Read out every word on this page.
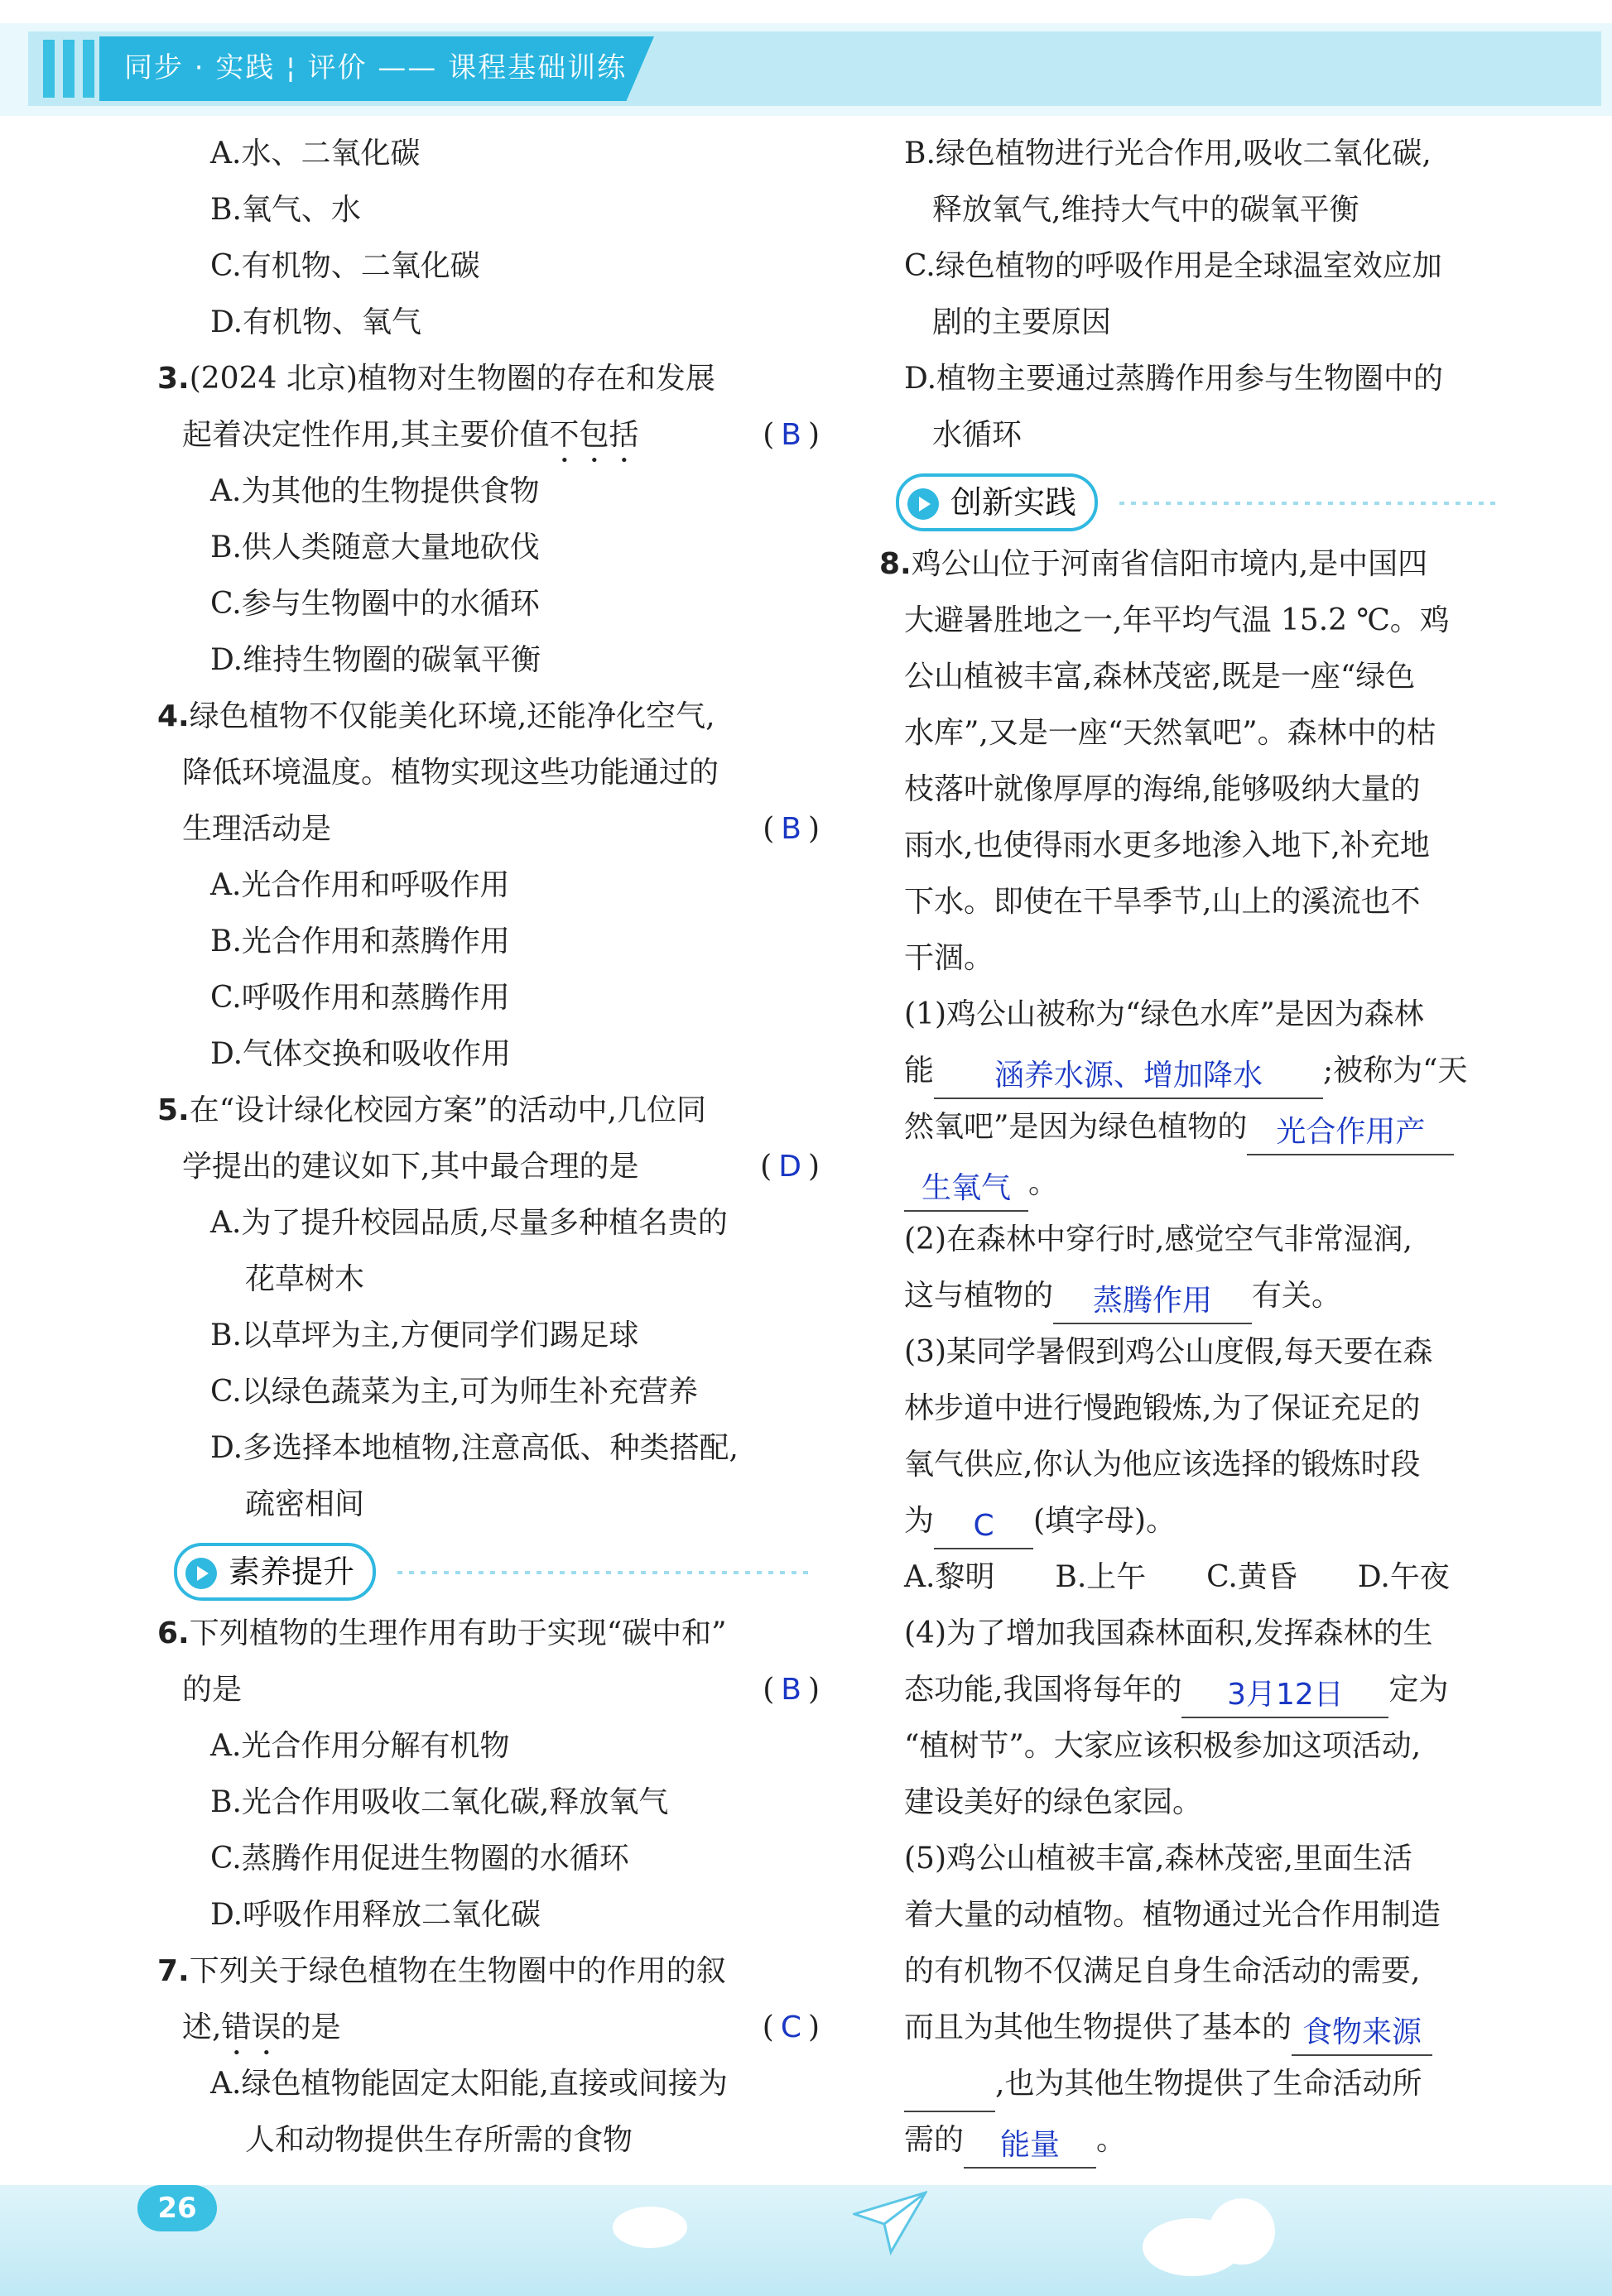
同步 · 实践 ¦ 评价 —— 课程基础训练
A.水、二氧化碳
B.氧气、水
C.有机物、二氧化碳
D.有机物、氧气
3.(2024 北京)植物对生物圈的存在和发展
起着决定性作用,其主要价值不包括	( B )
A.为其他的生物提供食物
B.供人类随意大量地砍伐
C.参与生物圈中的水循环
D.维持生物圈的碳氧平衡
4.绿色植物不仅能美化环境,还能净化空气,
降低环境温度。植物实现这些功能通过的
生理活动是	( B )
A.光合作用和呼吸作用
B.光合作用和蒸腾作用
C.呼吸作用和蒸腾作用
D.气体交换和吸收作用
5.在“设计绿化校园方案”的活动中,几位同
学提出的建议如下,其中最合理的是	( D )
A.为了提升校园品质,尽量多种植名贵的
花草树木
B.以草坪为主,方便同学们踢足球
C.以绿色蔬菜为主,可为师生补充营养
D.多选择本地植物,注意高低、种类搭配,
疏密相间
素养提升
6.下列植物的生理作用有助于实现“碳中和”
的是	( B )
A.光合作用分解有机物
B.光合作用吸收二氧化碳,释放氧气
C.蒸腾作用促进生物圈的水循环
D.呼吸作用释放二氧化碳
7.下列关于绿色植物在生物圈中的作用的叙
述,错误的是	( C )
A.绿色植物能固定太阳能,直接或间接为
人和动物提供生存所需的食物
B.绿色植物进行光合作用,吸收二氧化碳,
释放氧气,维持大气中的碳氧平衡
C.绿色植物的呼吸作用是全球温室效应加
剧的主要原因
D.植物主要通过蒸腾作用参与生物圈中的
水循环
创新实践
8.鸡公山位于河南省信阳市境内,是中国四
大避暑胜地之一,年平均气温 15.2 ℃。鸡
公山植被丰富,森林茂密,既是一座“绿色
水库”,又是一座“天然氧吧”。森林中的枯
枝落叶就像厚厚的海绵,能够吸纳大量的
雨水,也使得雨水更多地渗入地下,补充地
下水。即使在干旱季节,山上的溪流也不
干涸。
(1)鸡公山被称为“绿色水库”是因为森林
能 涵养水源、增加降水 ;被称为“天
然氧吧”是因为绿色植物的 光合作用产
生氧气 。
(2)在森林中穿行时,感觉空气非常湿润,
这与植物的 蒸腾作用 有关。
(3)某同学暑假到鸡公山度假,每天要在森
林步道中进行慢跑锻炼,为了保证充足的
氧气供应,你认为他应该选择的锻炼时段
为 C (填字母)。
A.黎明 B.上午 C.黄昏 D.午夜
(4)为了增加我国森林面积,发挥森林的生
态功能,我国将每年的 3月12日 定为
“植树节”。大家应该积极参加这项活动,
建设美好的绿色家园。
(5)鸡公山植被丰富,森林茂密,里面生活
着大量的动植物。植物通过光合作用制造
的有机物不仅满足自身生命活动的需要,
而且为其他生物提供了基本的 食物来源
,也为其他生物提供了生命活动所
需的 能量 。
26
